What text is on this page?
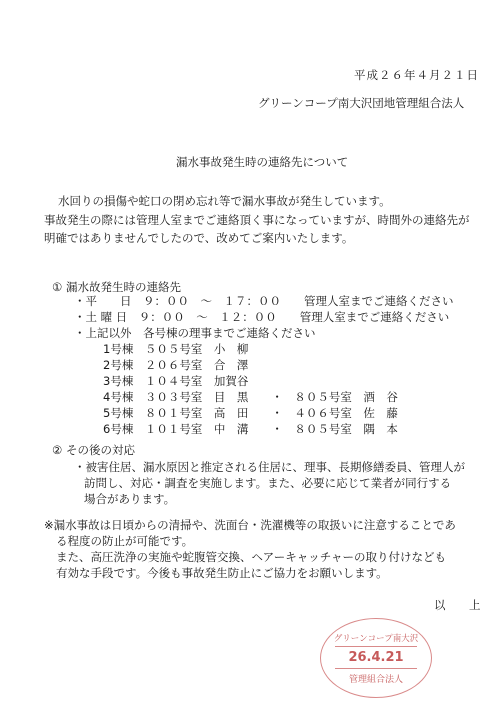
平成２６年４月２１日
グリーンコープ南大沢団地管理組合法人
漏水事故発生時の連絡先について
水回りの損傷や蛇口の閉め忘れ等で漏水事故が発生しています。
事故発生の際には管理人室までご連絡頂く事になっていますが、時間外の連絡先が
明確ではありませんでしたので、改めてご案内いたします。
① 漏水故発生時の連絡先
・平　　日　９：００　～　１７：００　　管理人室までご連絡ください
・土 曜 日　９：００　～　１２：００　　管理人室までご連絡ください
・上記以外　各号棟の理事までご連絡ください
1号棟　５０５号室　小　柳
2号棟　２０６号室　合　澤
3号棟　１０４号室　加賀谷
4号棟　３０３号室　目　黒　　・　８０５号室　酒　谷
5号棟　８０１号室　高　田　　・　４０６号室　佐　藤
6号棟　１０１号室　中　溝　　・　８０５号室　隅　本
② その後の対応
・被害住居、漏水原因と推定される住居に、理事、長期修繕委員、管理人が
訪問し、対応・調査を実施します。また、必要に応じて業者が同行する
場合があります。
※漏水事故は日頃からの清掃や、洗面台・洗濯機等の取扱いに注意することであ
る程度の防止が可能です。
また、高圧洗浄の実施や蛇腹管交換、ヘアーキャッチャーの取り付けなども
有効な手段です。今後も事故発生防止にご協力をお願いします。
以　上
グリーンコープ南大沢
26.4.21
管理組合法人
